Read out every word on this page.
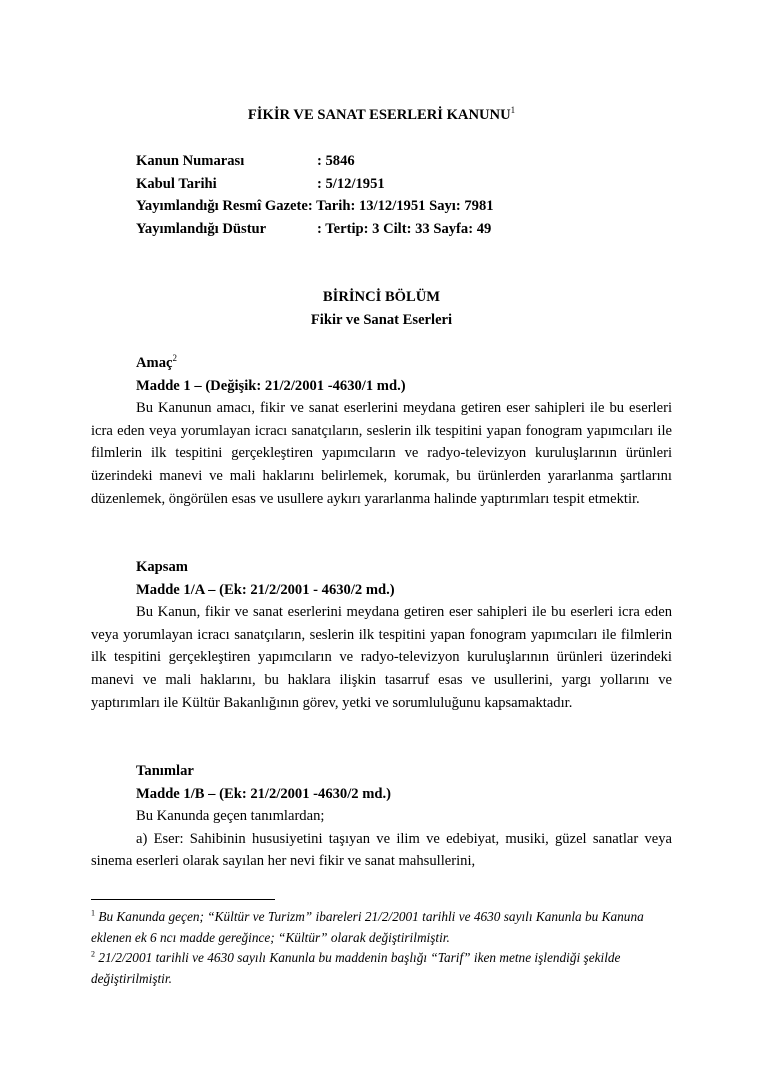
FİKİR VE SANAT ESERLERİ KANUNU$^1$
Kanun Numarası	: 5846
Kabul Tarihi	: 5/12/1951
Yayımlandığı Resmî Gazete: Tarih: 13/12/1951 Sayı: 7981
Yayımlandığı Düstur	: Tertip: 3 Cilt: 33 Sayfa: 49
BİRİNCİ BÖLÜM
Fikir ve Sanat Eserleri
Amaç$^2$
Madde 1 – (Değişik: 21/2/2001 -4630/1 md.)

Bu Kanunun amacı, fikir ve sanat eserlerini meydana getiren eser sahipleri ile bu eserleri icra eden veya yorumlayan icracı sanatçıların, seslerin ilk tespitini yapan fonogram yapımcıları ile filmlerin ilk tespitini gerçekleştiren yapımcıların ve radyo-televizyon kuruluşlarının ürünleri üzerindeki manevi ve mali haklarını belirlemek, korumak, bu ürünlerden yararlanma şartlarını düzenlemek, öngörülen esas ve usullere aykırı yararlanma halinde yaptırımları tespit etmektir.

Kapsam
Madde 1/A – (Ek: 21/2/2001 - 4630/2 md.)

Bu Kanun, fikir ve sanat eserlerini meydana getiren eser sahipleri ile bu eserleri icra eden veya yorumlayan icracı sanatçıların, seslerin ilk tespitini yapan fonogram yapımcıları ile filmlerin ilk tespitini gerçekleştiren yapımcıların ve radyo-televizyon kuruluşlarının ürünleri üzerindeki manevi ve mali haklarını, bu haklara ilişkin tasarruf esas ve usullerini, yargı yollarını ve yaptırımları ile Kültür Bakanlığının görev, yetki ve sorumluluğunu kapsamaktadır.

Tanımlar
Madde 1/B – (Ek: 21/2/2001 -4630/2 md.)

Bu Kanunda geçen tanımlardan;

a) Eser: Sahibinin hususiyetini taşıyan ve ilim ve edebiyat, musiki, güzel sanatlar veya sinema eserleri olarak sayılan her nevi fikir ve sanat mahsullerini,

$^1$ Bu Kanunda geçen; “Kültür ve Turizm” ibareleri 21/2/2001 tarihli ve 4630 sayılı Kanunla bu Kanuna eklenen ek 6 ncı madde gereğince; “Kültür” olarak değiştirilmiştir.

$^2$ 21/2/2001 tarihli ve 4630 sayılı Kanunla bu maddenin başlığı “Tarif” iken metne işlendiği şekilde değiştirilmiştir.
